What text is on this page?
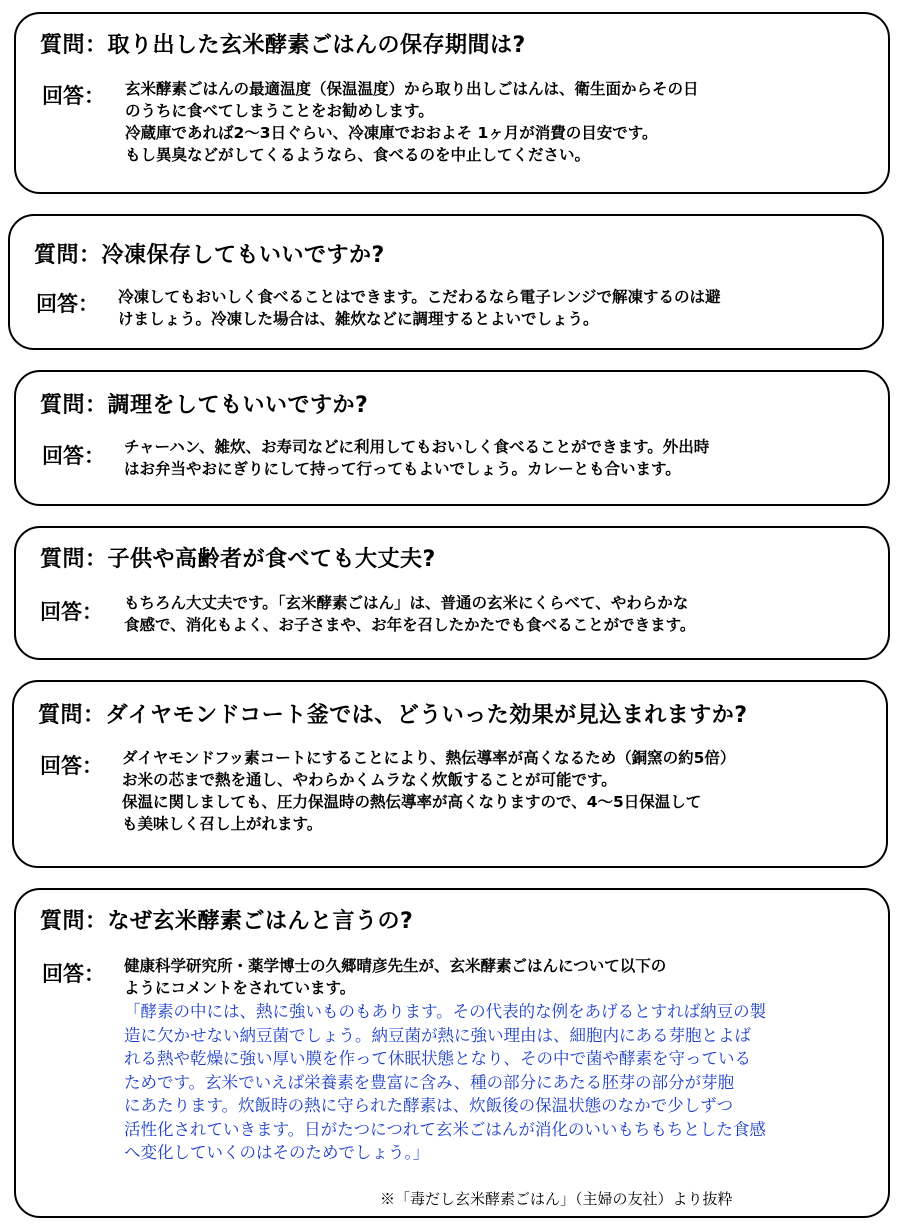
質問：取り出した玄米酵素ごはんの保存期間は?
回答： 玄米酵素ごはんの最適温度（保温温度）から取り出しごはんは、衛生面からその日

のうちに食べてしまうことをお勧めします。

冷蔵庫であれば2～3日ぐらい、冷凍庫でおおよそ 1ヶ月が消費の目安です。

もし異臭などがしてくるようなら、食べるのを中止してください。

質問：冷凍保存してもいいですか?
回答： 冷凍してもおいしく食べることはできます。こだわるなら電子レンジで解凍するのは避

けましょう。冷凍した場合は、雑炊などに調理するとよいでしょう。

質問：調理をしてもいいですか?
回答： チャーハン、雑炊、お寿司などに利用してもおいしく食べることができます。外出時

はお弁当やおにぎりにして持って行ってもよいでしょう。カレーとも合います。

質問：子供や高齢者が食べても大丈夫?
回答： もちろん大丈夫です。「玄米酵素ごはん」は、普通の玄米にくらべて、やわらかな

食感で、消化もよく、お子さまや、お年を召したかたでも食べることができます。

質問：ダイヤモンドコート釜では、どういった効果が見込まれますか?
回答： ダイヤモンドフッ素コートにすることにより、熱伝導率が高くなるため（銅窯の約5倍）

お米の芯まで熱を通し、やわらかくムラなく炊飯することが可能です。

保温に関しましても、圧力保温時の熱伝導率が高くなりますので、4～5日保温して

も美味しく召し上がれます。

質問：なぜ玄米酵素ごはんと言うの?
回答： 健康科学研究所・薬学博士の久郷晴彦先生が、玄米酵素ごはんについて以下の

ようにコメントをされています。

「酵素の中には、熱に強いものもあります。その代表的な例をあげるとすれば納豆の製

造に欠かせない納豆菌でしょう。納豆菌が熱に強い理由は、細胞内にある芽胞とよば

れる熱や乾燥に強い厚い膜を作って休眠状態となり、その中で菌や酵素を守っている

ためです。玄米でいえば栄養素を豊富に含み、種の部分にあたる胚芽の部分が芽胞

にあたります。炊飯時の熱に守られた酵素は、炊飯後の保温状態のなかで少しずつ

活性化されていきます。日がたつにつれて玄米ごはんが消化のいいもちもちとした食感

へ変化していくのはそのためでしょう。」

※「毒だし玄米酵素ごはん」（主婦の友社）より抜粋
